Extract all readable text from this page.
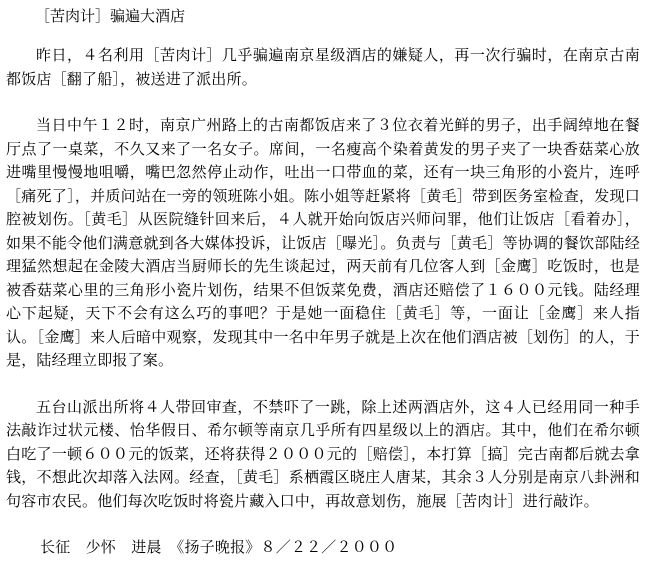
［苦肉计］骗遍大酒店

昨日，４名利用［苦肉计］几乎骗遍南京星级酒店的嫌疑人，再一次行骗时，在南京古南都饭店［翻了船］，被送进了派出所。

当日中午１２时，南京广州路上的古南都饭店来了３位衣着光鲜的男子，出手阔绰地在餐厅点了一桌菜，不久又来了一名女子。席间，一名瘦高个染着黄发的男子夹了一块香菇菜心放进嘴里慢慢地咀嚼，嘴巴忽然停止动作，吐出一口带血的菜，还有一块三角形的小瓷片，连呼［痛死了］，并质问站在一旁的领班陈小姐。陈小姐等赶紧将［黄毛］带到医务室检查，发现口腔被划伤。［黄毛］从医院缝针回来后，４人就开始向饭店兴师问罪，他们让饭店［看着办］，如果不能令他们满意就到各大媒体投诉，让饭店［曝光］。负责与［黄毛］等协调的餐饮部陆经理猛然想起在金陵大酒店当厨师长的先生谈起过，两天前有几位客人到［金鹰］吃饭时，也是被香菇菜心里的三角形小瓷片划伤，结果不但饭菜免费，酒店还赔偿了１６００元钱。陆经理心下起疑，天下不会有这么巧的事吧？于是她一面稳住［黄毛］等，一面让［金鹰］来人指认。［金鹰］来人后暗中观察，发现其中一名中年男子就是上次在他们酒店被［划伤］的人，于是，陆经理立即报了案。

五台山派出所将４人带回审查，不禁吓了一跳，除上述两酒店外，这４人已经用同一种手法敲诈过状元楼、怡华假日、希尔顿等南京几乎所有四星级以上的酒店。其中，他们在希尔顿白吃了一顿６００元的饭菜，还将获得２０００元的［赔偿］，本打算［搞］完古南都后就去拿钱，不想此次却落入法网。经查，［黄毛］系栖霞区晓庄人唐某，其余３人分别是南京八卦洲和句容市农民。他们每次吃饭时将瓷片藏入口中，再故意划伤，施展［苦肉计］进行敲诈。

长征　少怀　进晨　《扬子晚报》８／２２／２０００
